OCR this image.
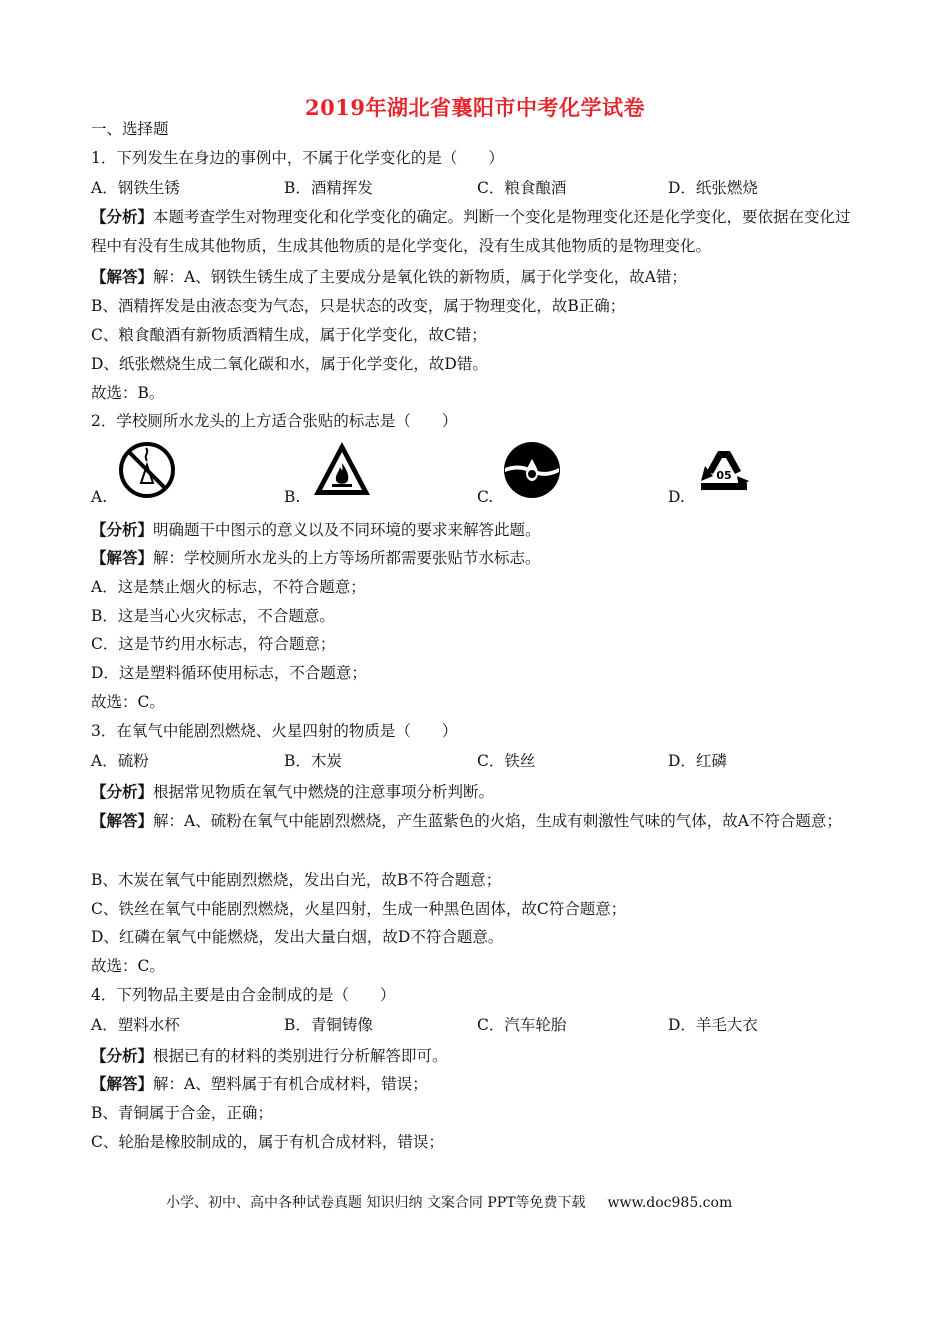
2019年湖北省襄阳市中考化学试卷
一、选择题
1．下列发生在身边的事例中，不属于化学变化的是（　　）
A．钢铁生锈	B．酒精挥发	C．粮食酿酒	D．纸张燃烧
【分析】本题考查学生对物理变化和化学变化的确定。判断一个变化是物理变化还是化学变化，要依据在变化过程中有没有生成其他物质，生成其他物质的是化学变化，没有生成其他物质的是物理变化。
【解答】解：A、钢铁生锈生成了主要成分是氧化铁的新物质，属于化学变化，故A错；
B、酒精挥发是由液态变为气态，只是状态的改变，属于物理变化，故B正确；
C、粮食酿酒有新物质酒精生成，属于化学变化，故C错；
D、纸张燃烧生成二氧化碳和水，属于化学变化，故D错。
故选：B。
2．学校厕所水龙头的上方适合张贴的标志是（　　）
05
A.	B.	C.	D.
【分析】明确题干中图示的意义以及不同环境的要求来解答此题。
【解答】解：学校厕所水龙头的上方等场所都需要张贴节水标志。
A．这是禁止烟火的标志，不符合题意；
B．这是当心火灾标志，不合题意。
C．这是节约用水标志，符合题意；
D．这是塑料循环使用标志，不合题意；
故选：C。
3．在氧气中能剧烈燃烧、火星四射的物质是（　　）
A．硫粉	B．木炭	C．铁丝	D．红磷
【分析】根据常见物质在氧气中燃烧的注意事项分析判断。
【解答】解：A、硫粉在氧气中能剧烈燃烧，产生蓝紫色的火焰，生成有刺激性气味的气体，故A不符合题意；
B、木炭在氧气中能剧烈燃烧，发出白光，故B不符合题意；
C、铁丝在氧气中能剧烈燃烧，火星四射，生成一种黑色固体，故C符合题意；
D、红磷在氧气中能燃烧，发出大量白烟，故D不符合题意。
故选：C。
4．下列物品主要是由合金制成的是（　　）
A．塑料水杯	B．青铜铸像	C．汽车轮胎	D．羊毛大衣
【分析】根据已有的材料的类别进行分析解答即可。
【解答】解：A、塑料属于有机合成材料，错误；
B、青铜属于合金，正确；
C、轮胎是橡胶制成的，属于有机合成材料，错误；
小学、初中、高中各种试卷真题 知识归纳 文案合同 PPT等免费下载 www.doc985.com
